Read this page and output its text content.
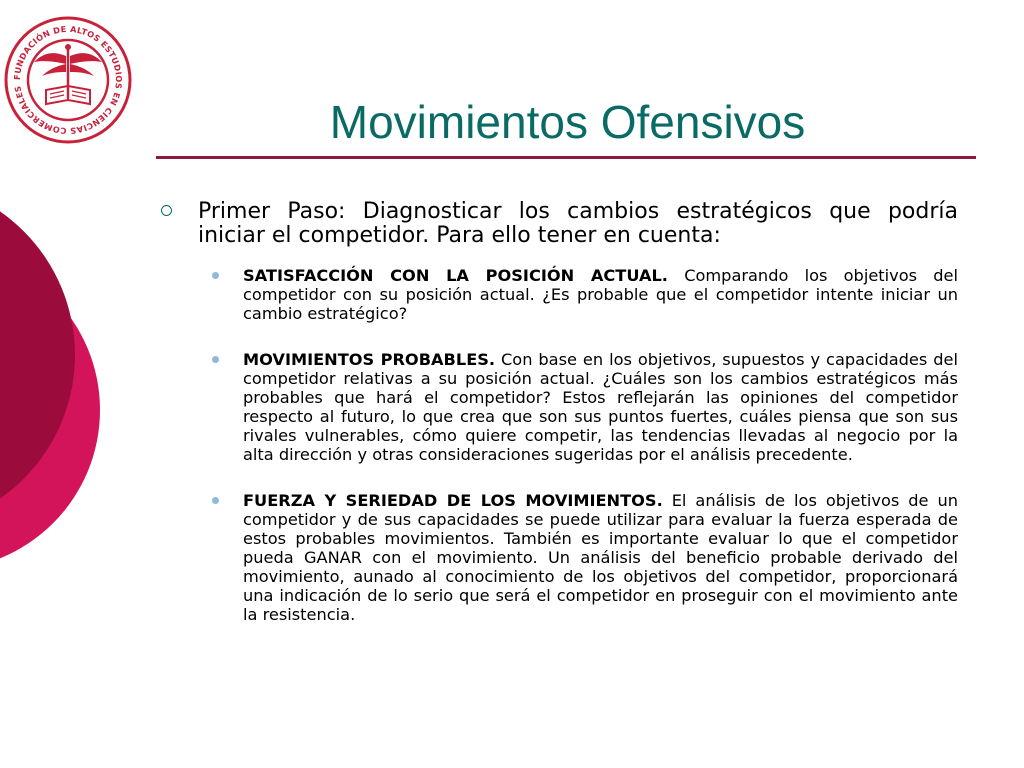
FUNDACIÓN DE ALTOS ESTUDIOS EN CIENCIAS COMERCIALES
Movimientos Ofensivos

Primer Paso: Diagnosticar los cambios estratégicos que podría iniciar el competidor. Para ello tener en cuenta:

SATISFACCIÓN CON LA POSICIÓN ACTUAL. Comparando los objetivos del competidor con su posición actual. ¿Es probable que el competidor intente iniciar un cambio estratégico?

MOVIMIENTOS PROBABLES. Con base en los objetivos, supuestos y capacidades del competidor relativas a su posición actual. ¿Cuáles son los cambios estratégicos más probables que hará el competidor? Estos reflejarán las opiniones del competidor respecto al futuro, lo que crea que son sus puntos fuertes, cuáles piensa que son sus rivales vulnerables, cómo quiere competir, las tendencias llevadas al negocio por la alta dirección y otras consideraciones sugeridas por el análisis precedente.

FUERZA Y SERIEDAD DE LOS MOVIMIENTOS. El análisis de los objetivos de un competidor y de sus capacidades se puede utilizar para evaluar la fuerza esperada de estos probables movimientos. También es importante evaluar lo que el competidor pueda GANAR con el movimiento. Un análisis del beneficio probable derivado del movimiento, aunado al conocimiento de los objetivos del competidor, proporcionará una indicación de lo serio que será el competidor en proseguir con el movimiento ante la resistencia.
